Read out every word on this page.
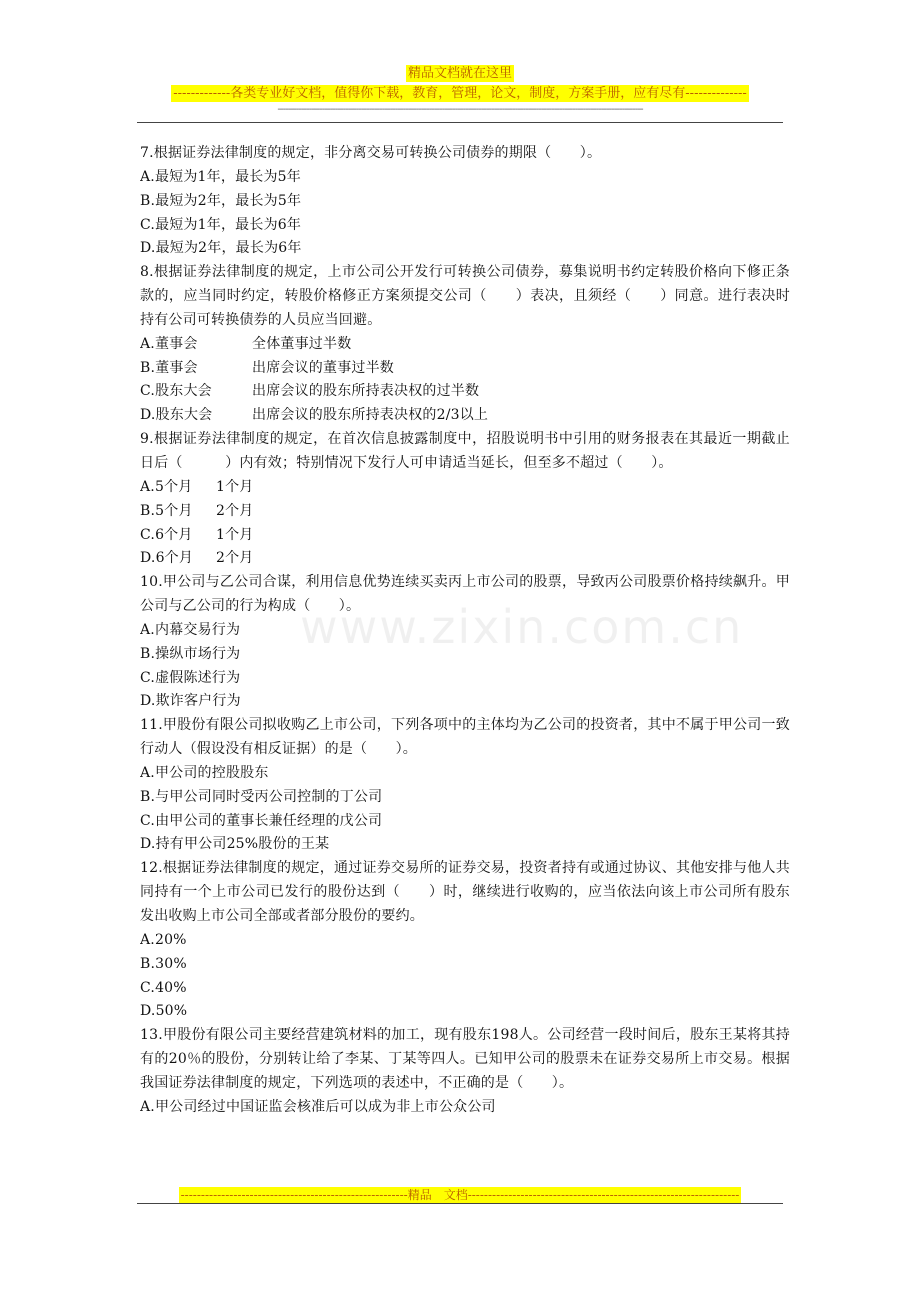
精品文档就在这里
-------------各类专业好文档，值得你下载，教育，管理，论文，制度，方案手册，应有尽有--------------
--------------------------------------------------------------------------------------------------------------------------------------------
www.zixin.com.cn
7.根据证券法律制度的规定，非分离交易可转换公司债券的期限（　　）。
A.最短为1年，最长为5年
B.最短为2年，最长为5年
C.最短为1年，最长为6年
D.最短为2年，最长为6年
8.根据证券法律制度的规定，上市公司公开发行可转换公司债券，募集说明书约定转股价格向下修正条款的，应当同时约定，转股价格修正方案须提交公司（　　）表决，且须经（　　）同意。进行表决时持有公司可转换债券的人员应当回避。
A.董事会	全体董事过半数
B.董事会	出席会议的董事过半数
C.股东大会	出席会议的股东所持表决权的过半数
D.股东大会	出席会议的股东所持表决权的2/3以上
9.根据证券法律制度的规定，在首次信息披露制度中，招股说明书中引用的财务报表在其最近一期截止日后（　　　）内有效；特别情况下发行人可申请适当延长，但至多不超过（　　）。
A.5个月 1个月
B.5个月 2个月
C.6个月 1个月
D.6个月 2个月
10.甲公司与乙公司合谋，利用信息优势连续买卖丙上市公司的股票，导致丙公司股票价格持续飙升。甲公司与乙公司的行为构成（　　）。
A.内幕交易行为
B.操纵市场行为
C.虚假陈述行为
D.欺诈客户行为
11.甲股份有限公司拟收购乙上市公司，下列各项中的主体均为乙公司的投资者，其中不属于甲公司一致行动人（假设没有相反证据）的是（　　）。
A.甲公司的控股股东
B.与甲公司同时受丙公司控制的丁公司
C.由甲公司的董事长兼任经理的戊公司
D.持有甲公司25%股份的王某
12.根据证券法律制度的规定，通过证券交易所的证券交易，投资者持有或通过协议、其他安排与他人共同持有一个上市公司已发行的股份达到（　　）时，继续进行收购的，应当依法向该上市公司所有股东发出收购上市公司全部或者部分股份的要约。
A.20%
B.30%
C.40%
D.50%
13.甲股份有限公司主要经营建筑材料的加工，现有股东198人。公司经营一段时间后，股东王某将其持有的20％的股份，分别转让给了李某、丁某等四人。已知甲公司的股票未在证券交易所上市交易。根据我国证券法律制度的规定，下列选项的表述中，不正确的是（　　）。
A.甲公司经过中国证监会核准后可以成为非上市公众公司
--------------------------------------------------------精品　文档-------------------------------------------------------------------
